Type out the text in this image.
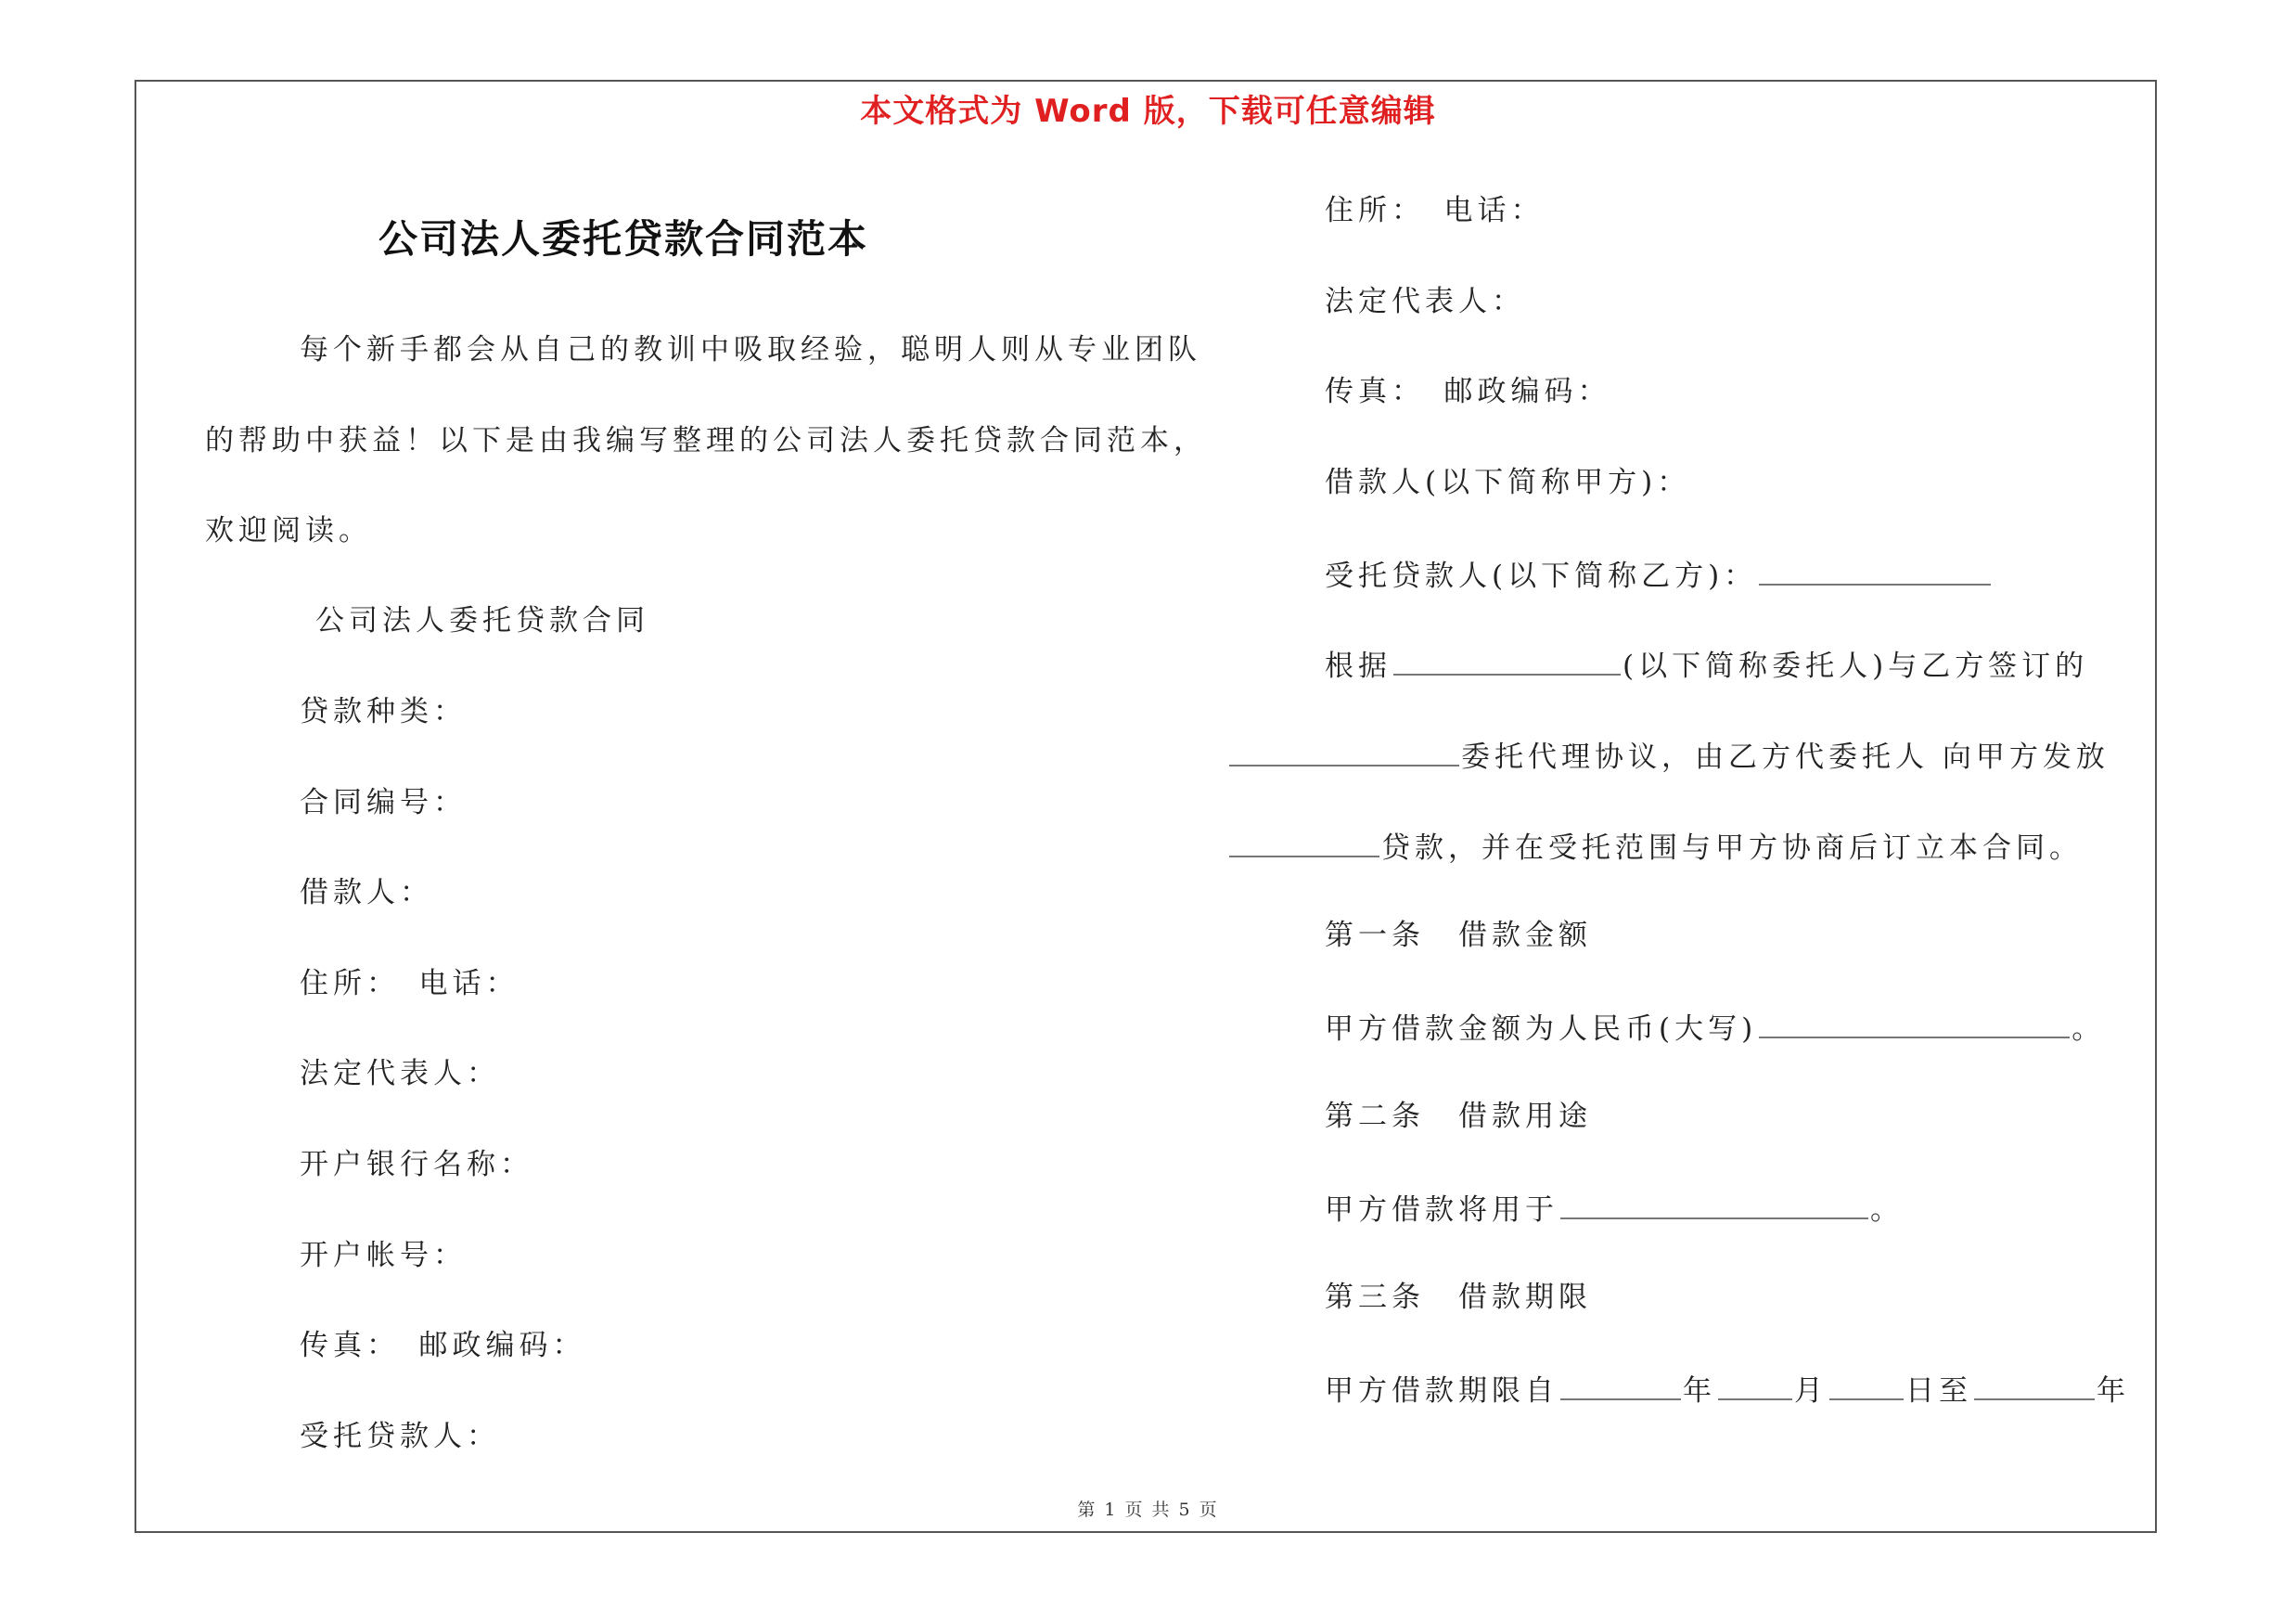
本文格式为 Word 版，下载可任意编辑
公司法人委托贷款合同范本
每个新手都会从自己的教训中吸取经验，聪明人则从专业团队
的帮助中获益！以下是由我编写整理的公司法人委托贷款合同范本，
欢迎阅读。
公司法人委托贷款合同
贷款种类：
合同编号：
借款人：
住所：　电话：
法定代表人：
开户银行名称：
开户帐号：
传真：　邮政编码：
受托贷款人：
住所：　电话：
法定代表人：
传真：　邮政编码：
借款人(以下简称甲方)：
受托贷款人(以下简称乙方)：
根据	(以下简称委托人)与乙方签订的
委托代理协议，由乙方代委托人 向甲方发放
贷款，并在受托范围与甲方协商后订立本合同。
第一条　借款金额
甲方借款金额为人民币(大写)	。
第二条　借款用途
甲方借款将用于	。
第三条　借款期限
甲方借款期限自	年	月	日至	年
第 1 页 共 5 页
